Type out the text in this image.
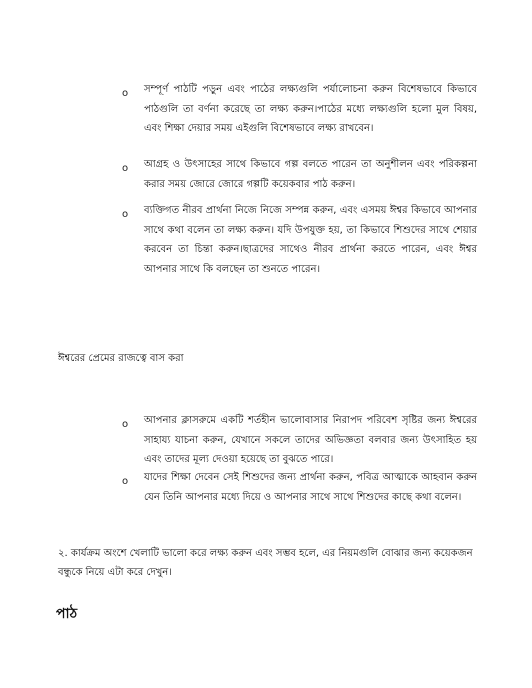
o	সম্পূর্ণ পাঠটি পড়ুন এবং পাঠের লক্ষ্যগুলি পর্যালোচনা করুন বিশেষভাবে কিভাবে পাঠগুলি তা বর্ণনা করেছে তা লক্ষ্য করুন।পাঠের মধ্যে লক্ষ্যগুলি হলো মুল বিষয়, এবং শিক্ষা দেয়ার সময় এইগুলি বিশেষভাবে লক্ষ্য রাখবেন।
o	আগ্রহ ও উৎসাহের সাথে কিভাবে গল্প বলতে পারেন তা অনুশীলন এবং পরিকল্পনা করার সময় জোরে জোরে গল্পটি কয়েকবার পাঠ করুন।
o	ব্যক্তিগত নীরব প্রার্থনা নিজে নিজে সম্পন্ন করুন, এবং এসময় ঈশ্বর কিভাবে আপনার সাথে কথা বলেন তা লক্ষ্য করুন। যদি উপযুক্ত হয়, তা কিভাবে শিশুদের সাথে শেয়ার করবেন তা চিন্তা করুন।ছাত্রদের সাথেও নীরব প্রার্থনা করতে পারেন, এবং ঈশ্বর আপনার সাথে কি বলছেন তা শুনতে পারেন।
ঈশ্বরের প্রেমের রাজত্বে বাস করা
o	আপনার ক্লাসরুমে একটি শর্তহীন ভালোবাসার নিরাপদ পরিবেশ সৃষ্টির জন্য ঈশ্বরের সাহায্য যাচনা করুন, যেখানে সকলে তাদের অভিজ্ঞতা বলবার জন্য উৎসাহিত হয় এবং তাদের মূল্য দেওয়া হয়েছে তা বুঝতে পারে।
o	যাদের শিক্ষা দেবেন সেই শিশুদের জন্য প্রার্থনা করুন, পবিত্র আত্মাকে আহবান করুন যেন তিনি আপনার মধ্যে দিয়ে ও আপনার সাথে সাথে শিশুদের কাছে কথা বলেন।
২. কার্যক্রম অংশে খেলাটি ভালো করে লক্ষ্য করুন এবং সম্ভব হলে, এর নিয়মগুলি বোঝার জন্য কয়েকজন বন্ধুকে নিয়ে এটা করে দেখুন।
পাঠ
